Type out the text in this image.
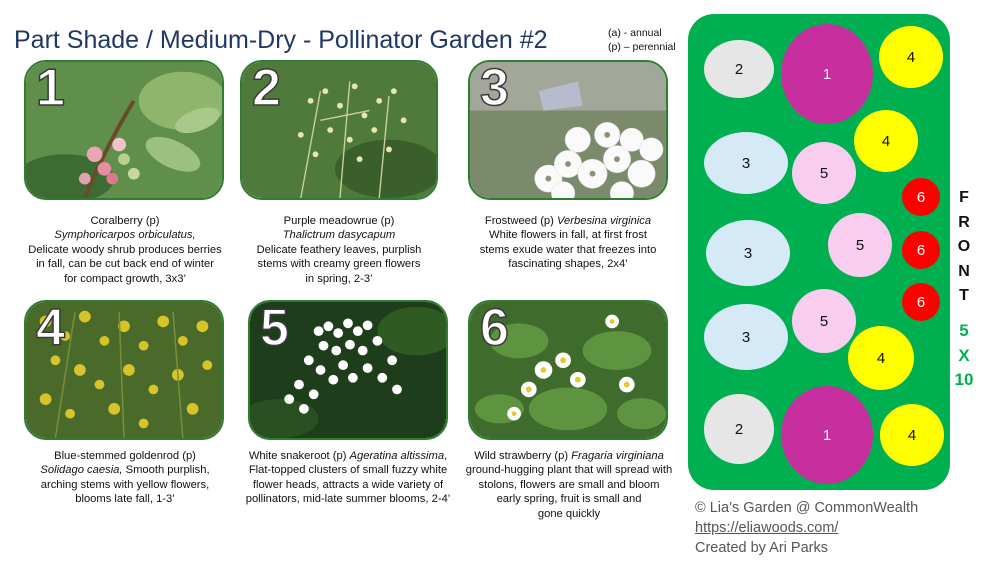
Part Shade / Medium-Dry - Pollinator Garden #2	(a) - annual
(p) – perennial
1	2	3
4	5	6
Coralberry (p)
Symphoricarpos orbiculatus,
Delicate woody shrub produces berries
in fall, can be cut back end of winter
for compact growth, 3x3’
Purple meadowrue (p)
Thalictrum dasycapum
Delicate feathery leaves, purplish
stems with creamy green flowers
in spring, 2-3’
Frostweed (p) Verbesina virginica
White flowers in fall, at first frost
stems exude water that freezes into
fascinating shapes, 2x4’
Blue-stemmed goldenrod (p)
Solidago caesia, Smooth purplish,
arching stems with yellow flowers,
blooms late fall, 1-3’
White snakeroot (p) Ageratina altissima,
Flat-topped clusters of small fuzzy white
flower heads, attracts a wide variety of
pollinators, mid-late summer blooms, 2-4’
Wild strawberry (p) Fragaria virginiana
ground-hugging plant that will spread with
stolons, flowers are small and bloom
early spring, fruit is small and
gone quickly
2	1
4
4
3
5
6
5
3	6
6
5
3
4
2	1	4
F
R
O
N
T
5
X
10
© Lia’s Garden @ CommonWealth
https://eliawoods.com/
Created by Ari Parks
